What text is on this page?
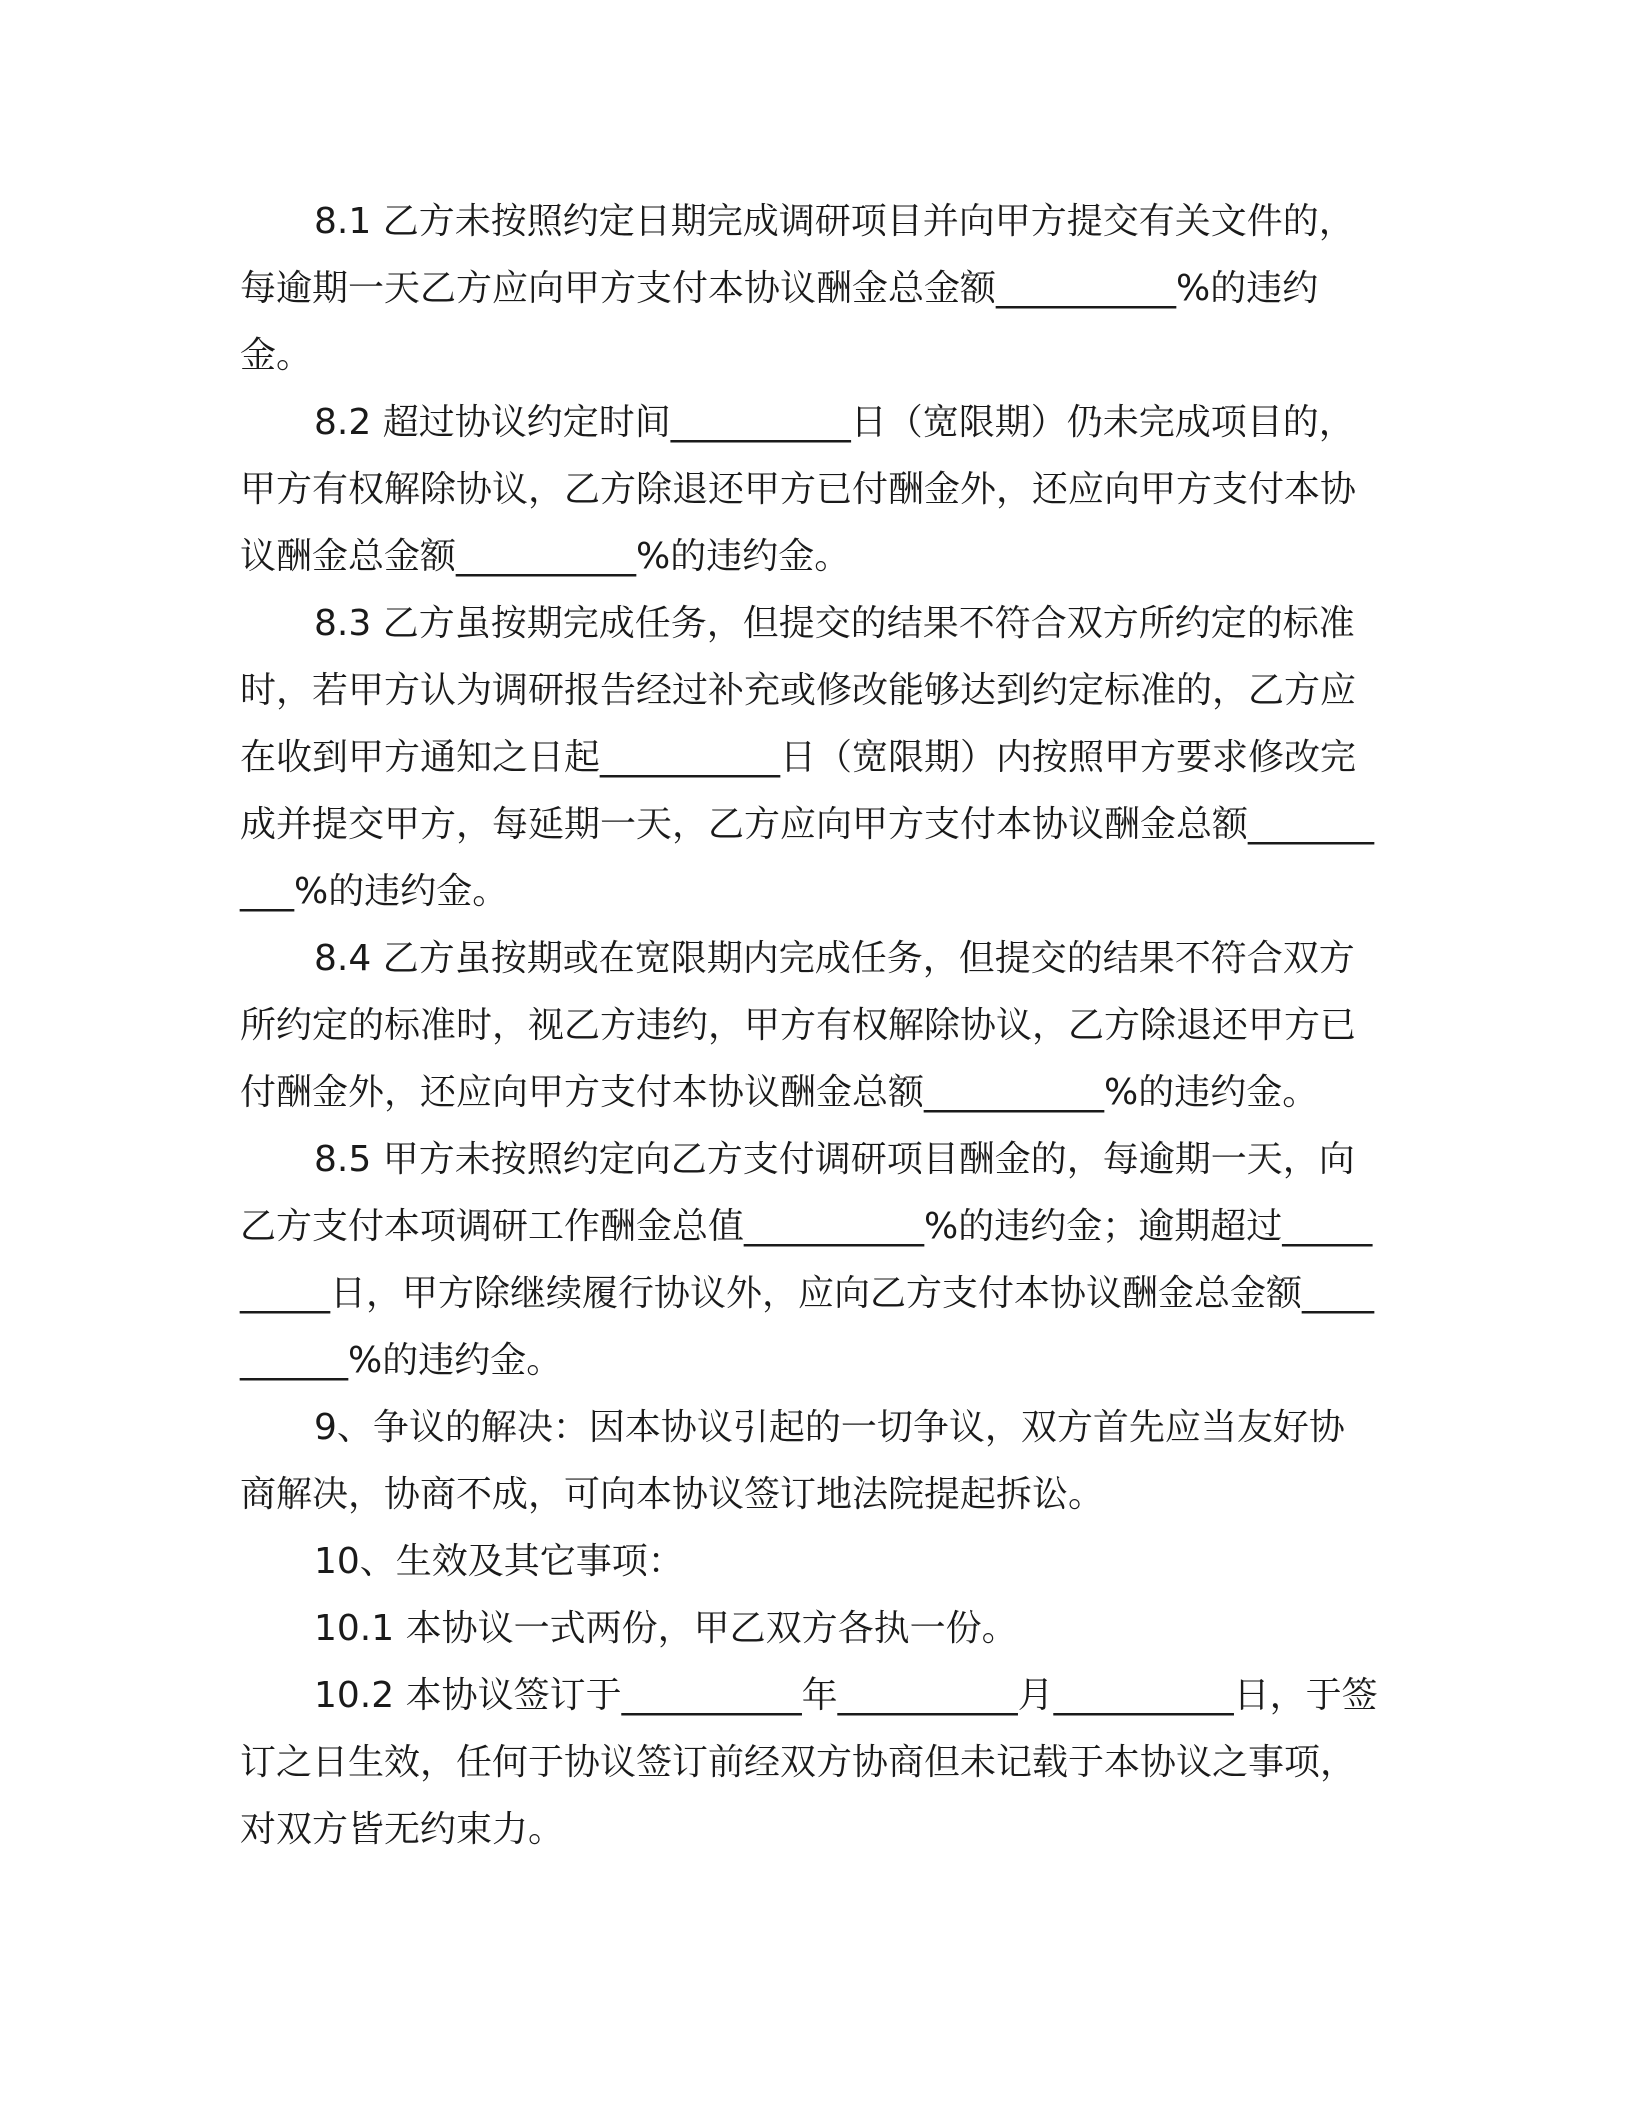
8.1 乙方未按照约定日期完成调研项目并向甲方提交有关文件的，每逾期一天乙方应向甲方支付本协议酬金总金额__________%的违约金。

8.2 超过协议约定时间__________日（宽限期）仍未完成项目的，甲方有权解除协议，乙方除退还甲方已付酬金外，还应向甲方支付本协议酬金总金额__________%的违约金。

8.3 乙方虽按期完成任务，但提交的结果不符合双方所约定的标准时，若甲方认为调研报告经过补充或修改能够达到约定标准的，乙方应在收到甲方通知之日起__________日（宽限期）内按照甲方要求修改完成并提交甲方，每延期一天，乙方应向甲方支付本协议酬金总额__________%的违约金。

8.4 乙方虽按期或在宽限期内完成任务，但提交的结果不符合双方所约定的标准时，视乙方违约，甲方有权解除协议，乙方除退还甲方已付酬金外，还应向甲方支付本协议酬金总额__________%的违约金。

8.5 甲方未按照约定向乙方支付调研项目酬金的，每逾期一天，向乙方支付本项调研工作酬金总值__________%的违约金；逾期超过__________日，甲方除继续履行协议外，应向乙方支付本协议酬金总金额__________%的违约金。

9、争议的解决：因本协议引起的一切争议，双方首先应当友好协商解决，协商不成，可向本协议签订地法院提起拆讼。

10、生效及其它事项：

10.1 本协议一式两份，甲乙双方各执一份。

10.2 本协议签订于__________年__________月__________日，于签订之日生效，任何于协议签订前经双方协商但未记载于本协议之事项，对双方皆无约束力。
